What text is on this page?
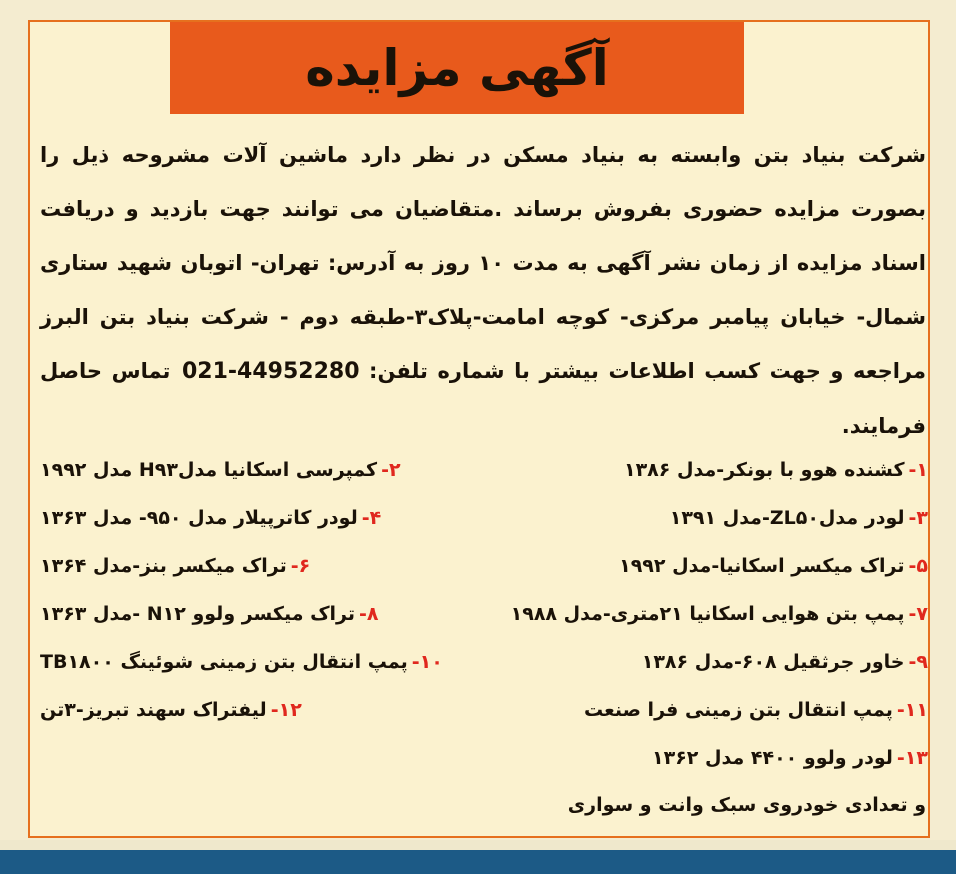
آگهی مزایده
شرکت بنیاد بتن وابسته به بنیاد مسکن در نظر دارد ماشین آلات مشروحه ذیل را بصورت مزایده حضوری بفروش برساند .متقاضیان می توانند جهت بازدید و دریافت اسناد مزایده از زمان نشر آگهی به مدت ۱۰ روز به آدرس: تهران- اتوبان شهید ستاری شمال- خیابان پیامبر مرکزی- کوچه امامت-پلاک۳-طبقه دوم - شرکت بنیاد بتن البرز مراجعه و جهت کسب اطلاعات بیشتر با شماره تلفن: 021-44952280 تماس حاصل فرمایند.
۱-
کشنده هوو با بونکر-مدل ۱۳۸۶
۲-
کمپرسی اسکانیا مدلH۹۳ مدل ۱۹۹۲
۳-
لودر مدلZL۵۰-مدل ۱۳۹۱
۴-
لودر کاترپیلار مدل ۹۵۰- مدل ۱۳۶۳
۵-
تراک میکسر اسکانیا-مدل ۱۹۹۲
۶-
تراک میکسر بنز-مدل ۱۳۶۴
۷-
پمپ بتن هوایی اسکانیا ۲۱متری-مدل ۱۹۸۸
۸-
تراک میکسر ولوو N۱۲ -مدل ۱۳۶۳
۹-
خاور جرثقیل ۶۰۸-مدل ۱۳۸۶
۱۰-
پمپ انتقال بتن زمینی شوئینگ TB۱۸۰۰
۱۱-
پمپ انتقال بتن زمینی فرا صنعت
۱۲-
لیفتراک سهند تبریز-۳تن
۱۳-
لودر ولوو ۴۴۰۰ مدل ۱۳۶۲
و تعدادی خودروی سبک وانت و سواری
